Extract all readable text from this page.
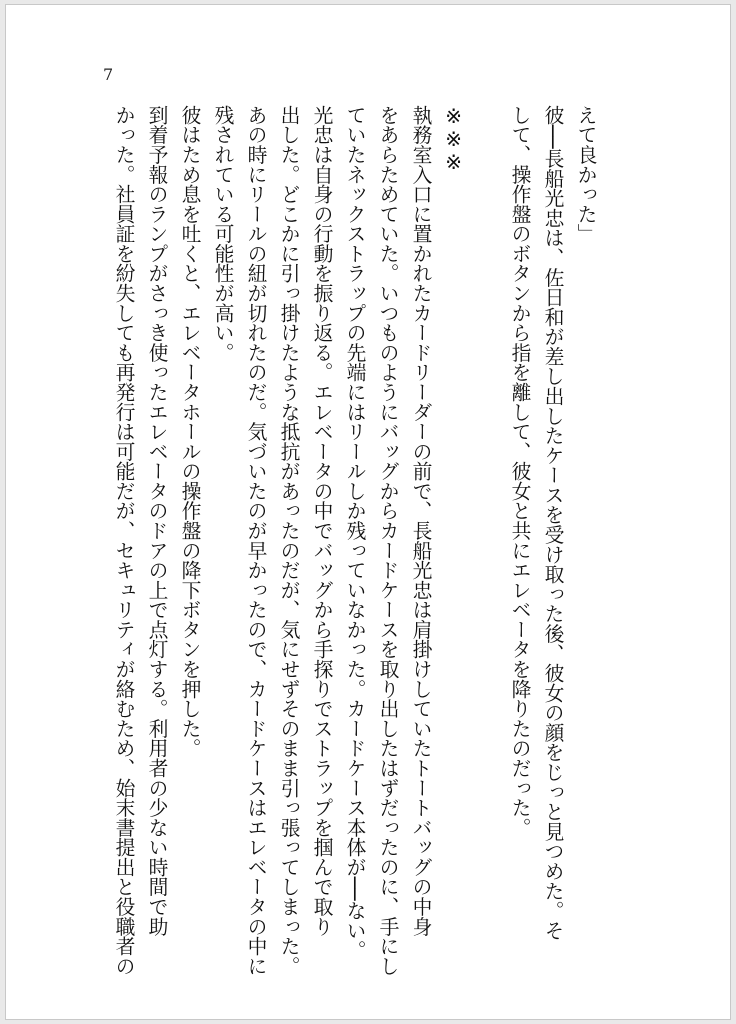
7
えて良かった」
彼──長船光忠は、佐日和が差し出したケースを受け取った後、彼女の顔をじっと見つめた。そ
して、操作盤のボタンから指を離して、彼女と共にエレベータを降りたのだった。
※※※
執務室入口に置かれたカードリーダーの前で、長船光忠は肩掛けしていたトートバッグの中身
をあらためていた。いつものようにバッグからカードケースを取り出したはずだったのに、手にし
ていたネックストラップの先端にはリールしか残っていなかった。カードケース本体が──ない。
光忠は自身の行動を振り返る。エレベータの中でバッグから手探りでストラップを掴んで取り
出した。どこかに引っ掛けたような抵抗があったのだが、気にせずそのまま引っ張ってしまった。
あの時にリールの紐が切れたのだ。気づいたのが早かったので、カードケースはエレベータの中に
残されている可能性が高い。
彼はため息を吐くと、エレベータホールの操作盤の降下ボタンを押した。
到着予報のランプがさっき使ったエレベータのドアの上で点灯する。利用者の少ない時間で助
かった。社員証を紛失しても再発行は可能だが、セキュリティが絡むため、始末書提出と役職者の
